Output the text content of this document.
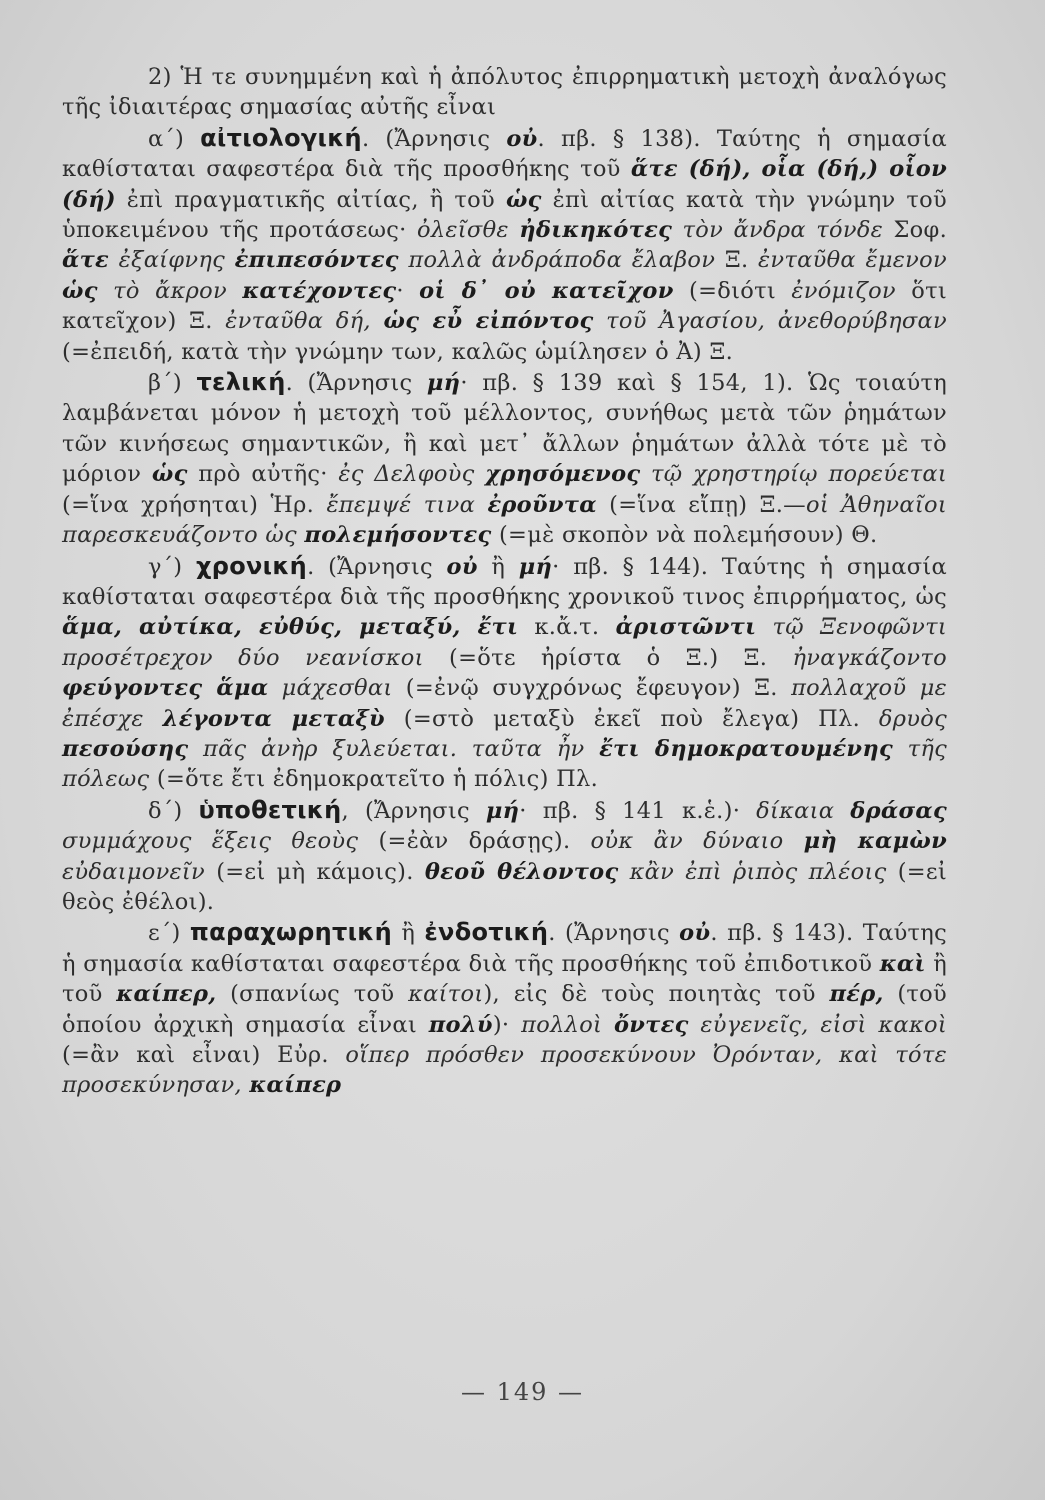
2) Ἡ τε συνημμένη καὶ ἡ ἀπόλυτος ἐπιρρηματικὴ μετοχὴ ἀναλόγως τῆς ἰδιαιτέρας σημασίας αὐτῆς εἶναι

α΄) αἰτιολογική. (Ἄρνησις οὐ. πβ. § 138). Ταύτης ἡ σημασία καθίσταται σαφεστέρα διὰ τῆς προσθήκης τοῦ ἅτε (δή), οἷα (δή,) οἷον (δή) ἐπὶ πραγματικῆς αἰτίας, ἢ τοῦ ὡς ἐπὶ αἰτίας κατὰ τὴν γνώμην τοῦ ὑποκειμένου τῆς προτάσεως· ὀλεῖσθε ἠδικηκότες τὸν ἄνδρα τόνδε Σοφ. ἅτε ἐξαίφνης ἐπιπεσόντες πολλὰ ἀνδράποδα ἔλαβον Ξ. ἐνταῦθα ἔμενον ὡς τὸ ἄκρον κατέχοντες· οἱ δ᾽ οὐ κατεῖχον (=διότι ἐνόμιζον ὅτι κατεῖχον) Ξ. ἐνταῦθα δή, ὡς εὖ εἰπόντος τοῦ Ἀγασίου, ἀνεθορύβησαν (=ἐπειδή, κατὰ τὴν γνώμην των, καλῶς ὡμίλησεν ὁ Ἀ) Ξ.

β΄) τελική. (Ἄρνησις μή· πβ. § 139 καὶ § 154, 1). Ὡς τοιαύτη λαμβάνεται μόνον ἡ μετοχὴ τοῦ μέλλοντος, συνήθως μετὰ τῶν ῥημάτων τῶν κινήσεως σημαντικῶν, ἢ καὶ μετ᾽ ἄλλων ῥημάτων ἀλλὰ τότε μὲ τὸ μόριον ὡς πρὸ αὐτῆς· ἐς Δελφοὺς χρησόμενος τῷ χρηστηρίῳ πορεύεται (=ἵνα χρήσηται) Ἡρ. ἔπεμψέ τινα ἐροῦντα (=ἵνα εἴπῃ) Ξ.—οἱ Ἀθηναῖοι παρεσκευάζοντο ὡς πολεμήσοντες (=μὲ σκοπὸν νὰ πολεμήσουν) Θ.

γ΄) χρονική. (Ἄρνησις οὐ ἢ μή· πβ. § 144). Ταύτης ἡ σημασία καθίσταται σαφεστέρα διὰ τῆς προσθήκης χρονικοῦ τινος ἐπιρρήματος, ὡς ἅμα, αὐτίκα, εὐθύς, μεταξύ, ἔτι κ.ἄ.τ. ἀριστῶντι τῷ Ξενοφῶντι προσέτρεχον δύο νεανίσκοι (=ὅτε ἠρίστα ὁ Ξ.) Ξ. ἠναγκάζοντο φεύγοντες ἅμα μάχεσθαι (=ἐνῷ συγχρόνως ἔφευγον) Ξ. πολλαχοῦ με ἐπέσχε λέγοντα μεταξὺ (=στὸ μεταξὺ ἐκεῖ ποὺ ἔλεγα) Πλ. δρυὸς πεσούσης πᾶς ἀνὴρ ξυλεύεται. ταῦτα ἦν ἔτι δημοκρατουμένης τῆς πόλεως (=ὅτε ἔτι ἐδημοκρατεῖτο ἡ πόλις) Πλ.

δ΄) ὑποθετική, (Ἄρνησις μή· πβ. § 141 κ.ἑ.)· δίκαια δράσας συμμάχους ἕξεις θεοὺς (=ἐὰν δράσῃς). οὐκ ἂν δύναιο μὴ καμὼν εὐδαιμονεῖν (=εἰ μὴ κάμοις). θεοῦ θέλοντος κἂν ἐπὶ ῥιπὸς πλέοις (=εἰ θεὸς ἐθέλοι).

ε΄) παραχωρητική ἢ ἐνδοτική. (Ἄρνησις οὐ. πβ. § 143). Ταύτης ἡ σημασία καθίσταται σαφεστέρα διὰ τῆς προσθήκης τοῦ ἐπιδοτικοῦ καὶ ἢ τοῦ καίπερ, (σπανίως τοῦ καίτοι), εἰς δὲ τοὺς ποιητὰς τοῦ πέρ, (τοῦ ὁποίου ἀρχικὴ σημασία εἶναι πολύ)· πολλοὶ ὄντες εὐγενεῖς, εἰσὶ κακοὶ (=ἂν καὶ εἶναι) Εὐρ. οἵπερ πρόσθεν προσεκύνουν Ὀρόνταν, καὶ τότε προσεκύνησαν, καίπερ

— 149 —
